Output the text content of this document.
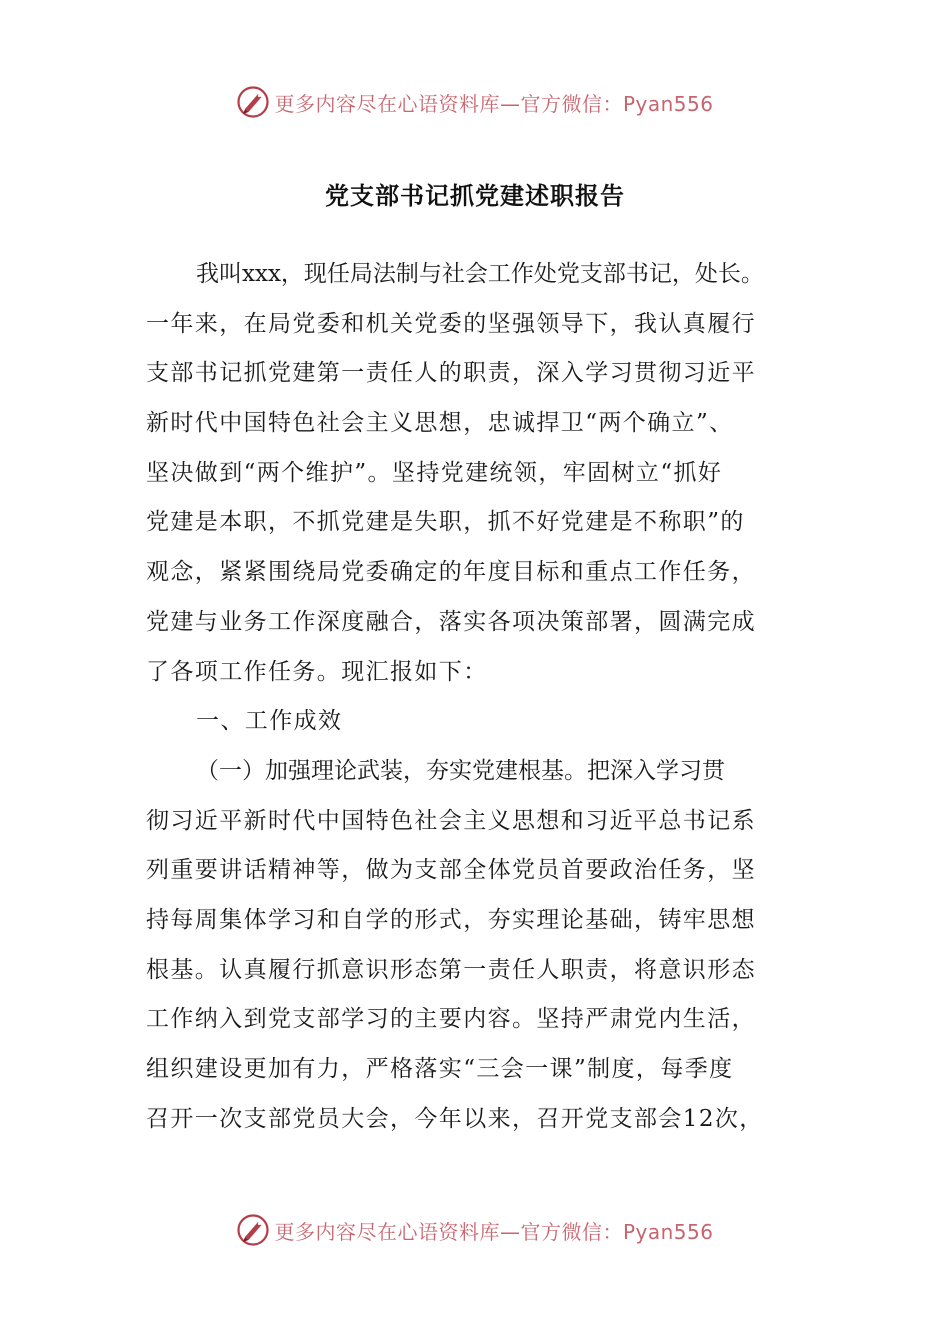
更多内容尽在心语资料库—官方微信：Pyan556
党支部书记抓党建述职报告
我叫xxx，现任局法制与社会工作处党支部书记，处长。
一年来，在局党委和机关党委的坚强领导下，我认真履行
支部书记抓党建第一责任人的职责，深入学习贯彻习近平
新时代中国特色社会主义思想，忠诚捍卫“两个确立”、
坚决做到“两个维护”。坚持党建统领，牢固树立“抓好
党建是本职，不抓党建是失职，抓不好党建是不称职”的
观念，紧紧围绕局党委确定的年度目标和重点工作任务，
党建与业务工作深度融合，落实各项决策部署，圆满完成
了各项工作任务。现汇报如下：
一、工作成效
（一）加强理论武装，夯实党建根基。把深入学习贯
彻习近平新时代中国特色社会主义思想和习近平总书记系
列重要讲话精神等，做为支部全体党员首要政治任务，坚
持每周集体学习和自学的形式，夯实理论基础，铸牢思想
根基。认真履行抓意识形态第一责任人职责，将意识形态
工作纳入到党支部学习的主要内容。坚持严肃党内生活，
组织建设更加有力，严格落实“三会一课”制度，每季度
召开一次支部党员大会，今年以来，召开党支部会12次，
更多内容尽在心语资料库—官方微信：Pyan556
